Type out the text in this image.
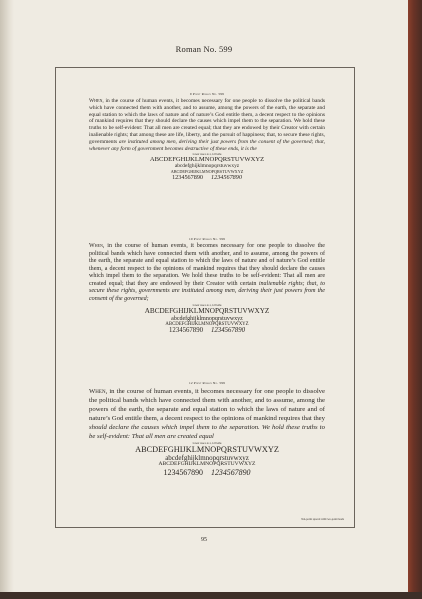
Roman No. 599
9 Point Roman No. 599

When, in the course of human events, it becomes necessary for one people to dissolve the political bands which have connected them with another, and to assume, among the powers of the earth, the separate and equal station to which the laws of nature and of nature’s God entitle them, a decent respect to the opinions of mankind requires that they should declare the causes which impel them to the separation. We hold these truths to be self-evident: That all men are created equal; that they are endowed by their Creator with certain inalienable rights; that among these are life, liberty, and the pursuit of happiness; that, to secure these rights, governments are instituted among men, deriving their just powers from the consent of the governed; that, whenever any form of government becomes destructive of these ends, it is the

Lower case a to z, 12.8 ems

ABCDEFGHIJKLMNOPQRSTUVWXYZ

abcdefghijklmnopqrstuvwxyz

ABCDEFGHIJKLMNOPQRSTUVWXYZ

1234567890 1234567890

10 Point Roman No. 599

When, in the course of human events, it becomes necessary for one people to dissolve the political bands which have connected them with another, and to assume, among the powers of the earth, the separate and equal station to which the laws of nature and of nature’s God entitle them, a decent respect to the opinions of mankind requires that they should declare the causes which impel them to the separation. We hold these truths to be self-evident: That all men are created equal; that they are endowed by their Creator with certain inalienable rights; that, to secure these rights, governments are instituted among men, deriving their just powers from the consent of the governed;

Lower case a to z, 12.8 ems

ABCDEFGHIJKLMNOPQRSTUVWXYZ

abcdefghijklmnopqrstuvwxyz

ABCDEFGHIJKLMNOPQRSTUVWXYZ

1234567890 1234567890

12 Point Roman No. 599

When, in the course of human events, it becomes necessary for one people to dissolve the political bands which have connected them with another, and to assume, among the powers of the earth, the separate and equal station to which the laws of nature and of nature’s God entitle them, a decent respect to the opinions of mankind requires that they should declare the causes which impel them to the separation. We hold these truths to be self-evident: That all men are created equal

Lower case a to z, 12.8 ems

ABCDEFGHIJKLMNOPQRSTUVWXYZ

abcdefghijklmnopqrstuvwxyz

ABCDEFGHIJKLMNOPQRSTUVWXYZ

1234567890 1234567890

Ten-point spaced with two-point leads
95
